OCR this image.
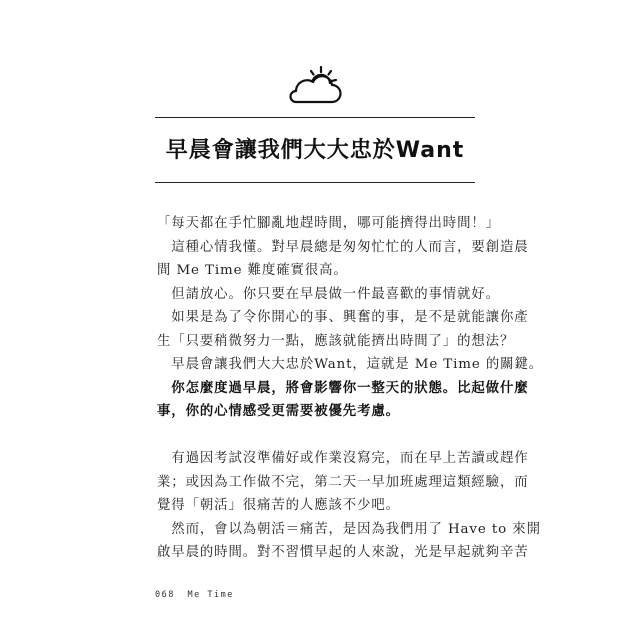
早晨會讓我們大大忠於Want

「每天都在手忙腳亂地趕時間，哪可能擠得出時間！」

　這種心情我懂。對早晨總是匆匆忙忙的人而言，要創造晨

間 Me Time 難度確實很高。

　但請放心。你只要在早晨做一件最喜歡的事情就好。

　如果是為了令你開心的事、興奮的事，是不是就能讓你產

生「只要稍微努力一點，應該就能擠出時間了」的想法？

　早晨會讓我們大大忠於Want，這就是 Me Time 的關鍵。

　你怎麼度過早晨，將會影響你一整天的狀態。比起做什麼

事，你的心情感受更需要被優先考慮。

　有過因考試沒準備好或作業沒寫完，而在早上苦讀或趕作

業；或因為工作做不完，第二天一早加班處理這類經驗，而

覺得「朝活」很痛苦的人應該不少吧。

　然而，會以為朝活＝痛苦，是因為我們用了 Have to 來開

啟早晨的時間。對不習慣早起的人來說，光是早起就夠辛苦

068 Me Time
